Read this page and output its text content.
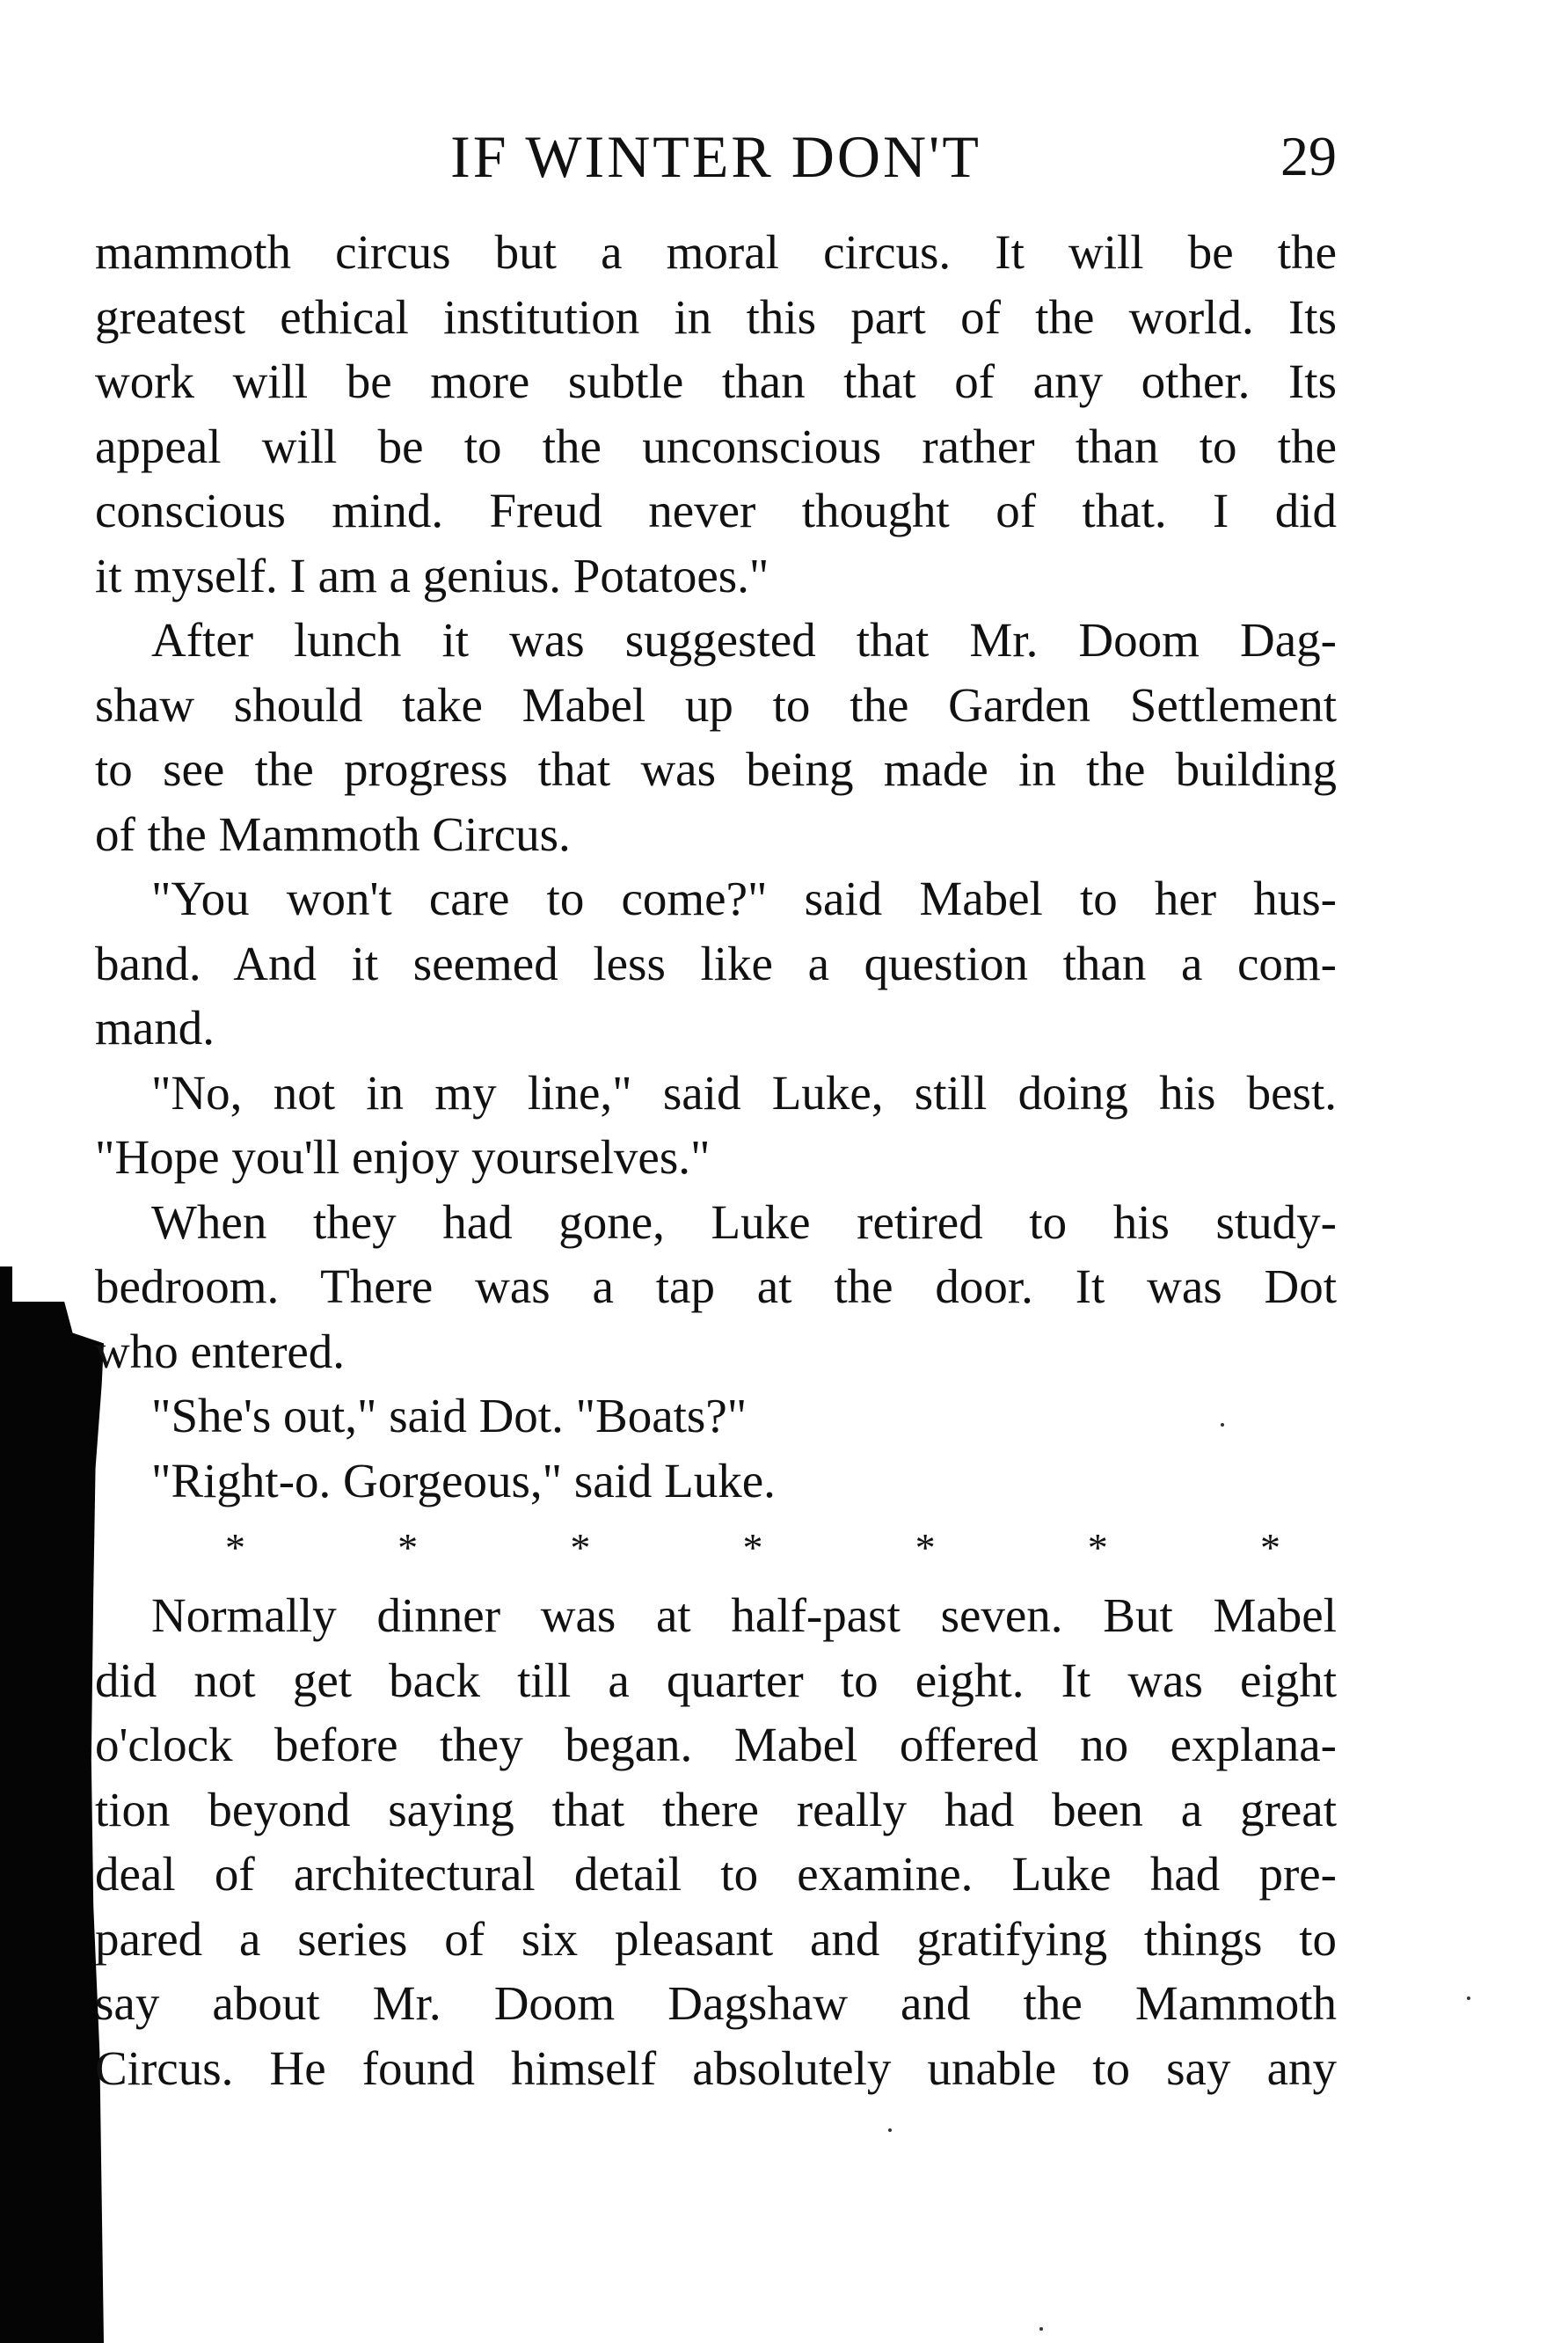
IF WINTER DON'T	29

mammoth circus but a moral circus. It will be the
greatest ethical institution in this part of the world. Its
work will be more subtle than that of any other. Its
appeal will be to the unconscious rather than to the
conscious mind. Freud never thought of that. I did
it myself. I am a genius. Potatoes."

After lunch it was suggested that Mr. Doom Dag-
shaw should take Mabel up to the Garden Settlement
to see the progress that was being made in the building
of the Mammoth Circus.

"You won't care to come?" said Mabel to her hus-
band. And it seemed less like a question than a com-
mand.

"No, not in my line," said Luke, still doing his best.
"Hope you'll enjoy yourselves."

When they had gone, Luke retired to his study-
bedroom. There was a tap at the door. It was Dot
who entered.

"She's out," said Dot. "Boats?"

"Right-o. Gorgeous," said Luke.

*	*	*	*	*	*	*

Normally dinner was at half-past seven. But Mabel
did not get back till a quarter to eight. It was eight
o'clock before they began. Mabel offered no explana-
tion beyond saying that there really had been a great
deal of architectural detail to examine. Luke had pre-
pared a series of six pleasant and gratifying things to
say about Mr. Doom Dagshaw and the Mammoth
Circus. He found himself absolutely unable to say any
